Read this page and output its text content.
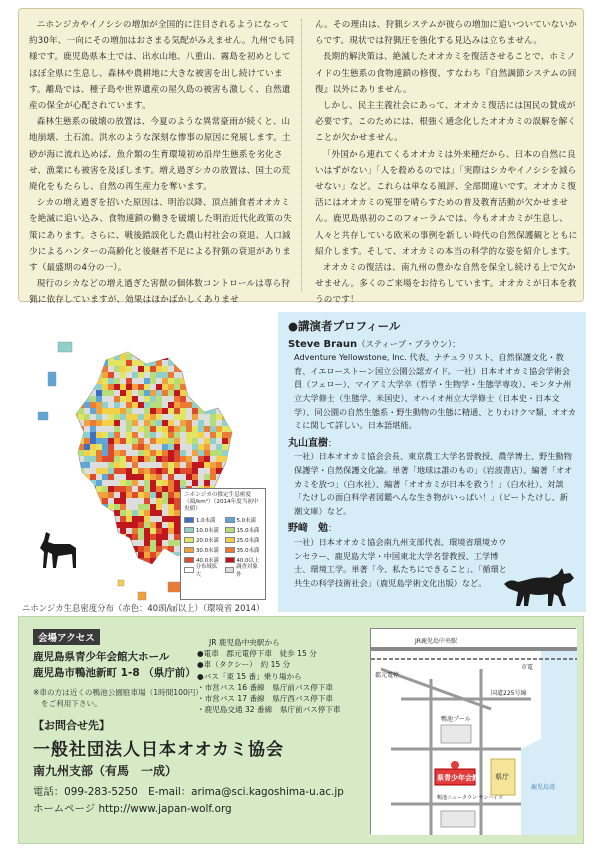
ニホンジカやイノシシの増加が全国的に注目されるようになって約30年、一向にその増加はおさまる気配がみえません。九州でも同様です。鹿児島県本土では、出水山地、八重山、霧島を初めとしてほぼ全県に生息し、森林や農耕地に大きな被害を出し続けています。離島では、種子島や世界遺産の屋久島の被害も激しく、自然遺産の保全が心配されています。

森林生態系の破壊の放置は、今夏のような異常豪雨が続くと、山地崩壊、土石流、洪水のような深刻な惨事の原因に発展します。土砂が海に流れ込めば、魚介類の生育環境初め沿岸生態系を劣化させ、漁業にも被害を及ぼします。増え過ぎシカの放置は、国土の荒廃化をもたらし、自然の再生産力を奪います。

シカの増え過ぎを招いた原因は、明治以降、頂点捕食者オオカミを絶滅に追い込み、食物連鎖の働きを破壊した明治近代化政策の失策にあります。さらに、戦後錯誤化した農山村社会の衰退、人口減少によるハンターの高齢化と後継者不足による狩猟の衰退があります（最盛期の4分の一）。

現行のシカなどの増え過ぎた害獣の個体数コントロールは専ら狩猟に依存していますが、効果はほかばかしくありませ

ん。その理由は、狩猟システムが彼らの増加に追いついていないからです。現状では狩猟圧を強化する見込みは立ちません。

長期的解決策は、絶滅したオオカミを復活させることで、ホミノイドの生態系の食物連鎖の修復、すなわち『自然調節システムの回復』以外にありません。

しかし、民主主義社会にあって、オオカミ復活には国民の賛成が必要です。このためには、根強く通念化したオオカミの誤解を解くことが欠かせません。

「外国から連れてくるオオカミは外来種だから、日本の自然に良いはずがない」「人を殺めるのでは」「実際はシカやイノシシを減らせない」など。これらは単なる風評、全部間違いです。オオカミ復活にはオオカミの冤罪を晴らすための普及教育活動が欠かせません。鹿児島県初のこのフォーラムでは、今もオオカミが生息し、人々と共存している欧米の事例を新しい時代の自然保護観とともに紹介します。そして、オオカミの本当の科学的な姿を紹介します。

オオカミの復活は、南九州の豊かな自然を保全し続ける上で欠かせません。多くのご来場をお待ちしています。オオカミが日本を救うのです！

ニホンジカの推定生息密度（頭/km²）（2014年度当初中央値）
1.0未満	5.0未満
10.0未満	15.0未満
20.0未満	25.0未満
30.0未満	35.0未満
40.0未満	40.0以上
分布域拡大
調査対象外
ニホンジカ生息密度分布（赤色：40頭/㎢以上）（環境省 2014）
●講演者プロフィール
Steve Braun（スティーブ・ブラウン）：
Adventure Yellowstone, Inc. 代表、ナチュラリスト、自然保護文化・教育、イエローストーン国立公園公認ガイド。一社）日本オオカミ協会学術会員（フェロー）、マイアミ大学卒（哲学・生物学・生態学専攻）、モンタナ州立大学修士（生態学、米国史）、オハイオ州立大学修士（日本史・日本文学）、同公園の自然生態系・野生動物の生態に精通、とりわけクマ類、オオカミに関して詳しい。日本語堪能。
丸山直樹：
一社）日本オオカミ協会会長、東京農工大学名誉教授、農学博士、野生動物保護学・自然保護文化論。単著「地球は誰のもの」（岩波書店）、編著「オオカミを放つ」（白水社）、編著「オオカミが日本を救う！」（白水社）、対談「たけしの面白科学者図鑑へんな生き物がいっぱい！」（ビートたけし、新潮文庫）など。
野﨑　勉：
一社）日本オオカミ協会南九州支部代表、環境省環境カウンセラー、鹿児島大学・中国東北大学名誉教授、工学博士、環境工学。単著「今、私たちにできること」、「循環と共生の科学技術社会」（鹿児島学術文化出版）など。
会場アクセス
鹿児島県青少年会館大ホール
鹿児島市鴨池新町 1-8 （県庁前）
※車の方は近くの鴨池公園駐車場（1時間100円）
をご利用下さい。
JR 鹿児島中央駅から
●電車　郡元電停下車　徒歩 15 分
●車（タクシー）　約 15 分
●バス「東 15 番」乗り場から
・市営バス 16 番線　県庁前バス停下車
・市営バス 17 番線　県庁西バス停下車
・鹿児島交通 32 番線　県庁前バス停下車
【お問合せ先】
一般社団法人日本オオカミ協会
南九州支部（有馬　一成）
電話：099-283-5250　E-mail：arima@sci.kagoshima-u.ac.jp
ホームページ http://www.japan-wolf.org
JR鹿児島中央駅
市電
鴨池プール
県庁
県青少年会館
鴨池ニュータウン サンハイツ
国道225号線
郡元電停
鹿児島湾
